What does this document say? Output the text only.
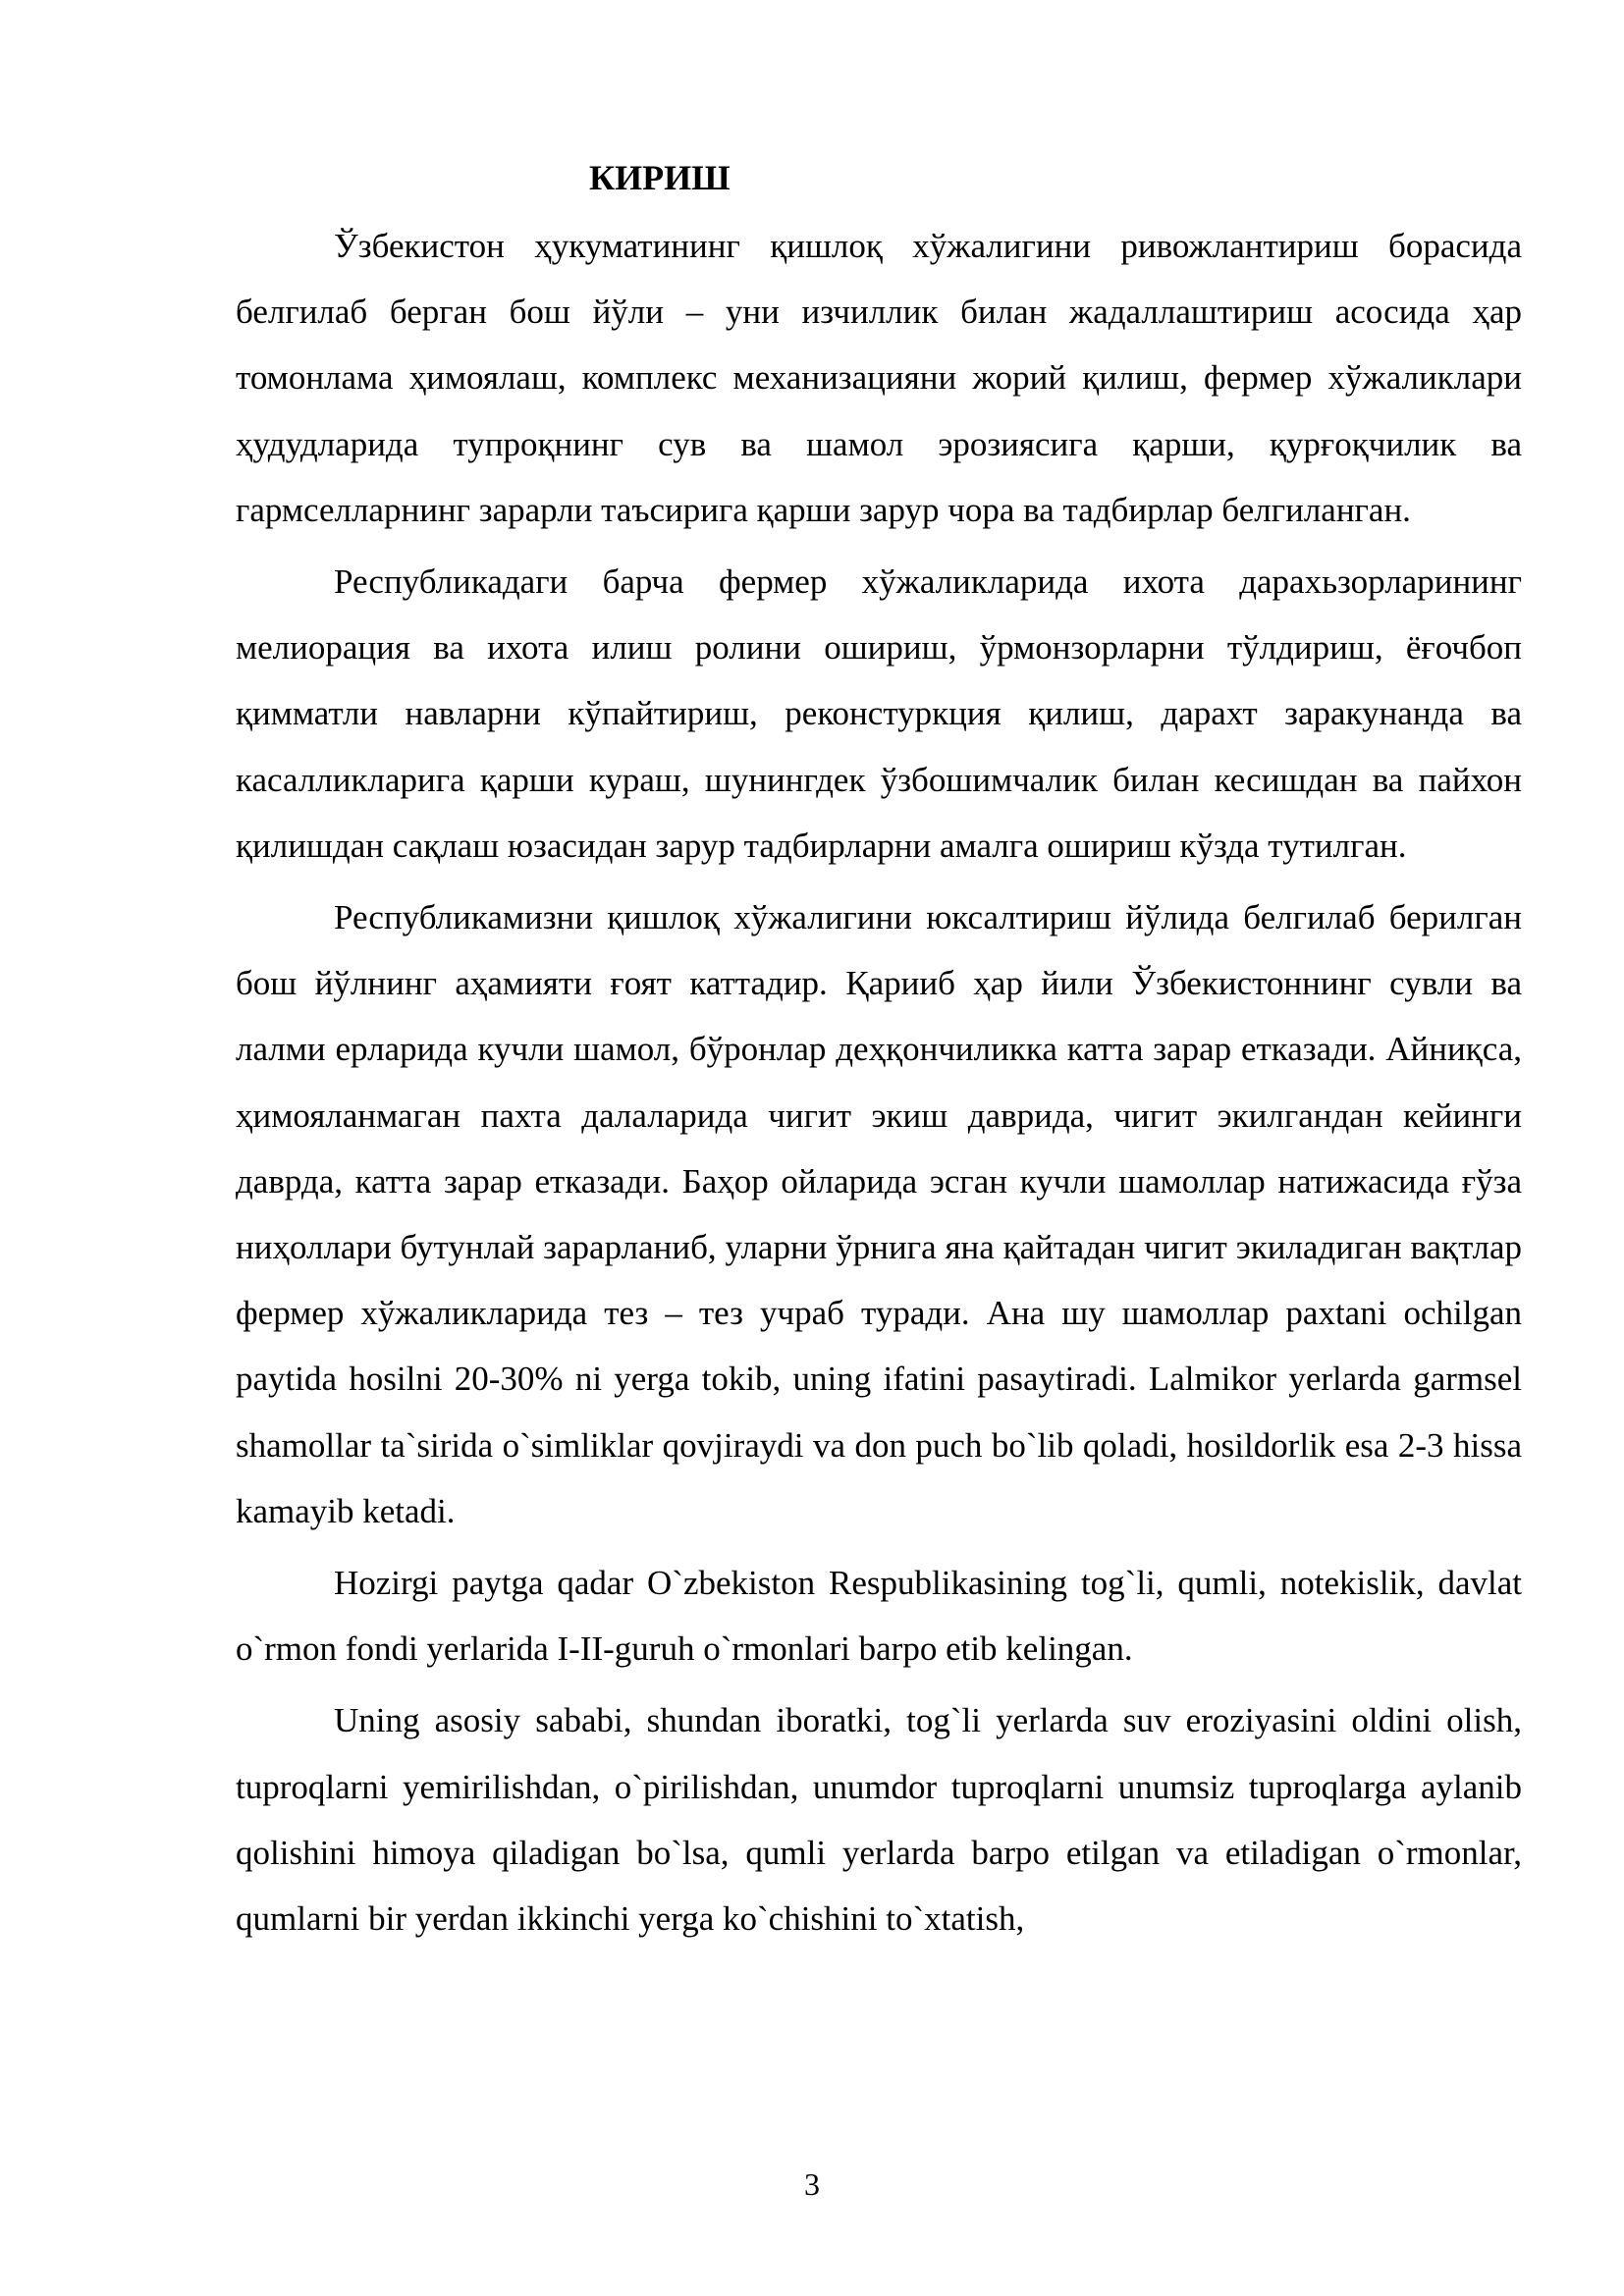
КИРИШ

Ўзбекистон ҳукуматининг қишлоқ хўжалигини ривожлантириш борасида белгилаб берган бош йўли – уни изчиллик билан жадаллаштириш асосида ҳар томонлама ҳимоялаш, комплекс механизацияни жорий қилиш, фермер хўжаликлари ҳудудларида тупроқнинг сув ва шамол эрозиясига қарши, қурғоқчилик ва гармселларнинг зарарли таъсирига қарши зарур чора ва тадбирлар белгиланган.

Республикадаги барча фермер хўжаликларида ихота дарахьзорларининг мелиорация ва ихота илиш ролини ошириш, ўрмонзорларни тўлдириш, ёғочбоп қимматли навларни кўпайтириш, реконстуркция қилиш, дарахт заракунанда ва касалликларига қарши кураш, шунингдек ўзбошимчалик билан кесишдан ва пайхон қилишдан сақлаш юзасидан зарур тадбирларни амалга ошириш кўзда тутилган.

Республикамизни қишлоқ хўжалигини юксалтириш йўлида белгилаб берилган бош йўлнинг аҳамияти ғоят каттадир. Қарииб ҳар йили Ўзбекистоннинг сувли ва лалми ерларида кучли шамол, бўронлар деҳқончиликка катта зарар етказади. Айниқса, ҳимояланмаган пахта далаларида чигит экиш даврида, чигит экилгандан кейинги даврда, катта зарар етказади. Баҳор ойларида эсган кучли шамоллар натижасида ғўза ниҳоллари бутунлай зарарланиб, уларни ўрнига яна қайтадан чигит экиладиган вақтлар фермер хўжаликларида тез – тез учраб туради. Ана шу шамоллар paxtani ochilgan paytida hosilni 20-30% ni yerga tokib, uning ifatini pasaytiradi. Lalmikor yerlarda garmsel shamollar ta`sirida o`simliklar qovjiraydi va don puch bo`lib qoladi, hosildorlik esa 2-3 hissa kamayib ketadi.

Hozirgi paytga qadar O`zbekiston Respublikasining tog`li, qumli, notekislik, davlat o`rmon fondi yerlarida I-II-guruh o`rmonlari barpo etib kelingan.

Uning asosiy sababi, shundan iboratki, tog`li yerlarda suv eroziyasini oldini olish, tuproqlarni yemirilishdan, o`pirilishdan, unumdor tuproqlarni unumsiz tuproqlarga aylanib qolishini himoya qiladigan bo`lsa, qumli yerlarda barpo etilgan va etiladigan o`rmonlar, qumlarni bir yerdan ikkinchi yerga ko`chishini to`xtatish,

3
